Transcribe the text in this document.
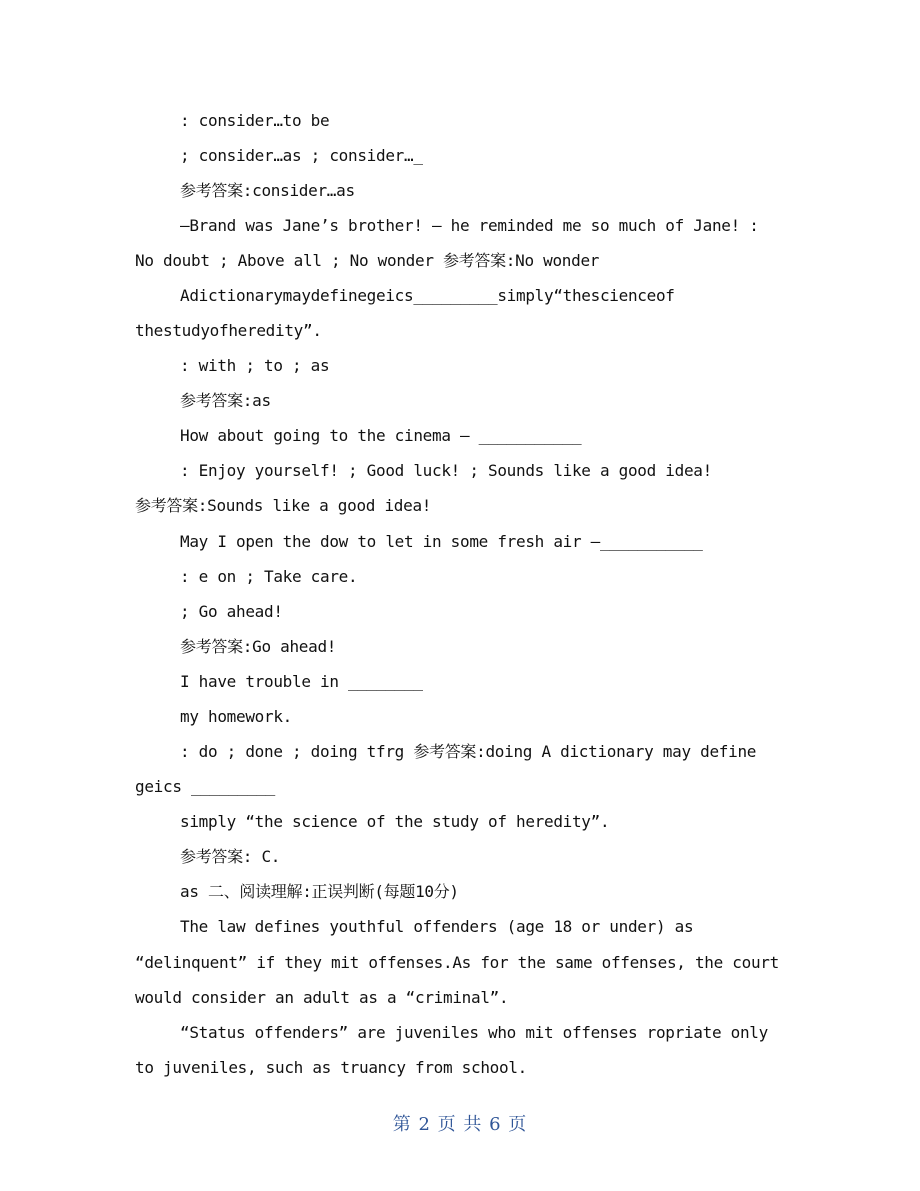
: consider…to be
; consider…as ; consider…_
参考答案:consider…as
–Brand was Jane’s brother! – he reminded me so much of Jane! :
No doubt ; Above all ; No wonder 参考答案:No wonder
Adictionarymaydefinegeics_________simply“thescienceof
thestudyofheredity”.
: with ; to ; as
参考答案:as
How about going to the cinema – ___________
: Enjoy yourself! ; Good luck! ; Sounds like a good idea!
参考答案:Sounds like a good idea!
May I open the dow to let in some fresh air –___________
: e on ; Take care.
; Go ahead!
参考答案:Go ahead!
I have trouble in ________
my homework.
: do ; done ; doing tfrg 参考答案:doing A dictionary may define
geics _________
simply “the science of the study of heredity”.
参考答案: C.
as 二、阅读理解:正误判断(每题10分)
The law defines youthful offenders (age 18 or under) as
“delinquent” if they mit offenses.As for the same offenses, the court
would consider an adult as a “criminal”.
“Status offenders” are juveniles who mit offenses ropriate only
to juveniles, such as truancy from school.
第 2 页 共 6 页
